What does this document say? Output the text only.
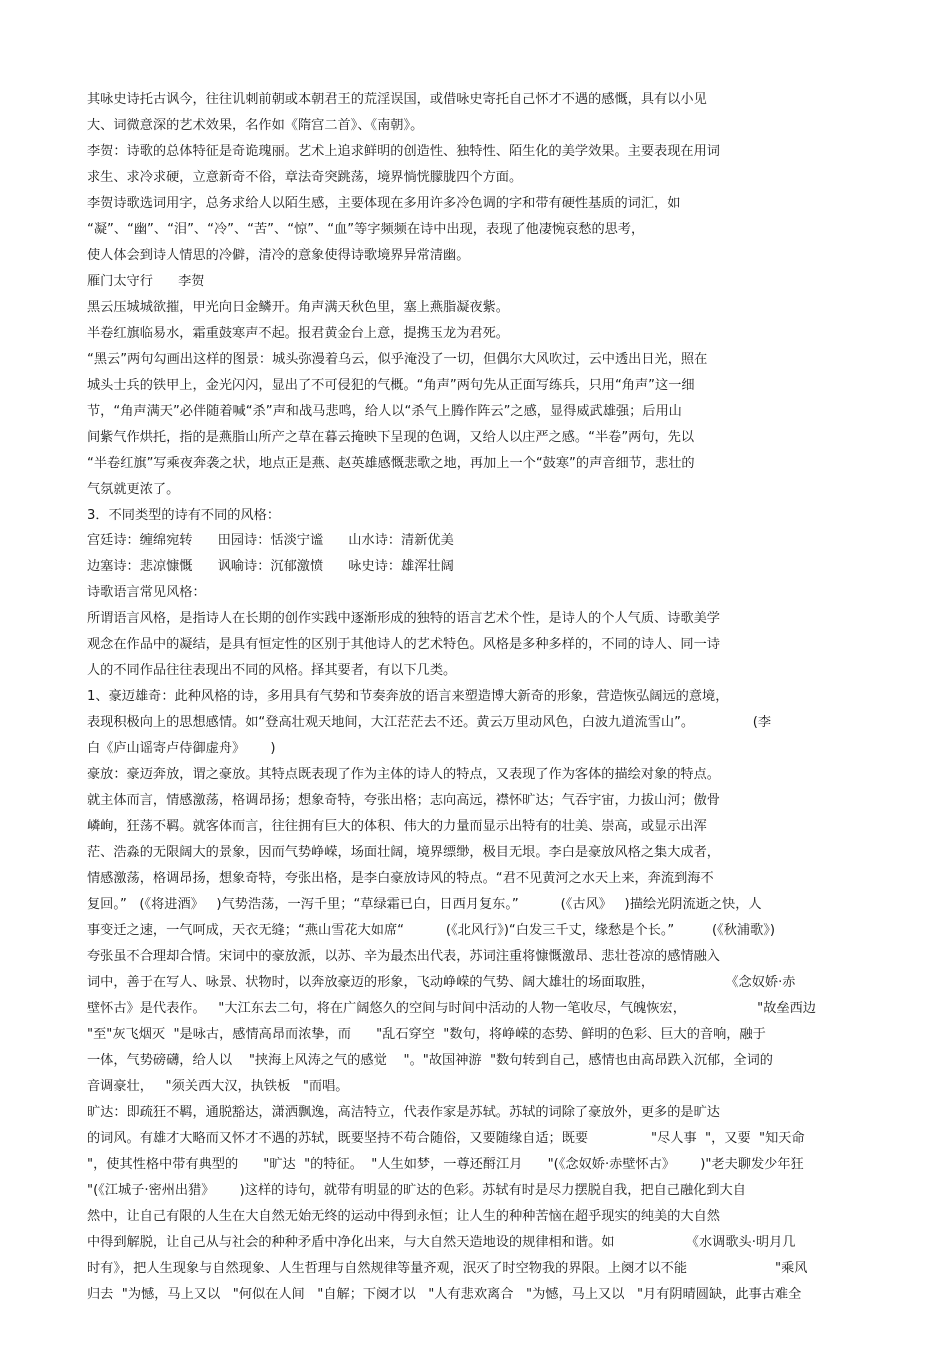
其咏史诗托古讽今，往往讥刺前朝或本朝君王的荒淫误国，或借咏史寄托自己怀才不遇的感慨，具有以小见
大、词微意深的艺术效果，名作如《隋宫二首》、《南朝》。
李贺：诗歌的总体特征是奇诡瑰丽。艺术上追求鲜明的创造性、独特性、陌生化的美学效果。主要表现在用词
求生、求冷求硬，立意新奇不俗，章法奇突跳荡，境界惝恍朦胧四个方面。
李贺诗歌选词用字，总务求给人以陌生感，主要体现在多用许多冷色调的字和带有硬性基质的词汇，如
“凝”、“幽”、“泪”、“冷”、“苦”、“惊”、“血”等字频频在诗中出现，表现了他凄惋哀愁的思考，
使人体会到诗人情思的冷僻，清冷的意象使得诗歌境界异常清幽。
雁门太守行      李贺
黑云压城城欲摧，甲光向日金鳞开。角声满天秋色里，塞上燕脂凝夜紫。
半卷红旗临易水，霜重鼓寒声不起。报君黄金台上意，提携玉龙为君死。
“黑云”两句勾画出这样的图景：城头弥漫着乌云，似乎淹没了一切，但偶尔大风吹过，云中透出日光，照在
城头士兵的铁甲上，金光闪闪，显出了不可侵犯的气概。“角声”两句先从正面写练兵，只用“角声”这一细
节，“角声满天”必伴随着喊“杀”声和战马悲鸣，给人以“杀气上腾作阵云”之感，显得威武雄强；后用山
间紫气作烘托，指的是燕脂山所产之草在暮云掩映下呈现的色调，又给人以庄严之感。“半卷”两句，先以
“半卷红旗”写乘夜奔袭之状，地点正是燕、赵英雄感慨悲歌之地，再加上一个“鼓寒”的声音细节，悲壮的
气氛就更浓了。
3．不同类型的诗有不同的风格：
宫廷诗：缠绵宛转      田园诗：恬淡宁谧      山水诗：清新优美
边塞诗：悲凉慷慨      讽喻诗：沉郁激愤      咏史诗：雄浑壮阔
诗歌语言常见风格：
所谓语言风格，是指诗人在长期的创作实践中逐渐形成的独特的语言艺术个性，是诗人的个人气质、诗歌美学
观念在作品中的凝结，是具有恒定性的区别于其他诗人的艺术特色。风格是多种多样的，不同的诗人、同一诗
人的不同作品往往表现出不同的风格。择其要者，有以下几类。
1、豪迈雄奇：此种风格的诗，多用具有气势和节奏奔放的语言来塑造博大新奇的形象，营造恢弘阔远的意境，
表现积极向上的思想感情。如“登高壮观天地间，大江茫茫去不还。黄云万里动风色，白波九道流雪山”。              (李
白《庐山谣寄卢侍御虚舟》      )
豪放：豪迈奔放，谓之豪放。其特点既表现了作为主体的诗人的特点，又表现了作为客体的描绘对象的特点。
就主体而言，情感激荡，格调昂扬；想象奇特，夸张出格；志向高远，襟怀旷达；气吞宇宙，力拔山河；傲骨
嶙峋，狂荡不羁。就客体而言，往往拥有巨大的体积、伟大的力量而显示出特有的壮美、崇高，或显示出浑
茫、浩淼的无限阔大的景象，因而气势峥嵘，场面壮阔，境界缥缈，极目无垠。李白是豪放风格之集大成者，
情感激荡，格调昂扬，想象奇特，夸张出格，是李白豪放诗风的特点。“君不见黄河之水天上来，奔流到海不
复回。”   (《将进酒》   )气势浩荡，一泻千里；“草绿霜已白，日西月复东。”          (《古风》   )描绘光阴流逝之快，人
事变迁之速，一气呵成，天衣无缝；“燕山雪花大如席“          (《北风行》)“白发三千丈，缘愁是个长。”         (《秋浦歌》)
夸张虽不合理却合情。宋词中的豪放派，以苏、辛为最杰出代表，苏词注重将慷慨激昂、悲壮苍凉的感情融入
词中，善于在写人、咏景、状物时，以奔放豪迈的形象，飞动峥嵘的气势、阔大雄壮的场面取胜，                 《念奴娇·赤
壁怀古》是代表作。   "大江东去二句，将在广阔悠久的空间与时间中活动的人物一笔收尽，气魄恢宏，                 "故垒西边
"至"灰飞烟灭  "是咏古，感情高昂而浓挚，而      "乱石穿空  "数句，将峥嵘的态势、鲜明的色彩、巨大的音响，融于
一体，气势磅礴，给人以    "挟海上风涛之气的感觉    "。"故国神游  "数句转到自己，感情也由高昂跌入沉郁，全词的
音调豪壮，   "须关西大汉，执铁板   "而唱。
旷达：即疏狂不羁，通脱豁达，潇洒飘逸，高洁特立，代表作家是苏轼。苏轼的词除了豪放外，更多的是旷达
的词风。有雄才大略而又怀才不遇的苏轼，既要坚持不苟合随俗，又要随缘自适；既要               "尽人事  "，又要  "知天命
"，使其性格中带有典型的      "旷达  "的特征。  "人生如梦，一尊还酹江月      "(《念奴娇·赤壁怀古》      )"老夫聊发少年狂
"(《江城子·密州出猎》      )这样的诗句，就带有明显的旷达的色彩。苏轼有时是尽力摆脱自我，把自己融化到大自
然中，让自己有限的人生在大自然无始无终的运动中得到永恒；让人生的种种苦恼在超乎现实的纯美的大自然
中得到解脱，让自己从与社会的种种矛盾中净化出来，与大自然天造地设的规律相和谐。如                 《水调歌头·明月几
时有》，把人生现象与自然现象、人生哲理与自然规律等量齐观，泯灭了时空物我的界限。上阕才以不能                     "乘风
归去  "为憾，马上又以   "何似在人间   "自解；下阕才以   "人有悲欢离合   "为憾，马上又以   "月有阴晴圆缺，此事古难全
